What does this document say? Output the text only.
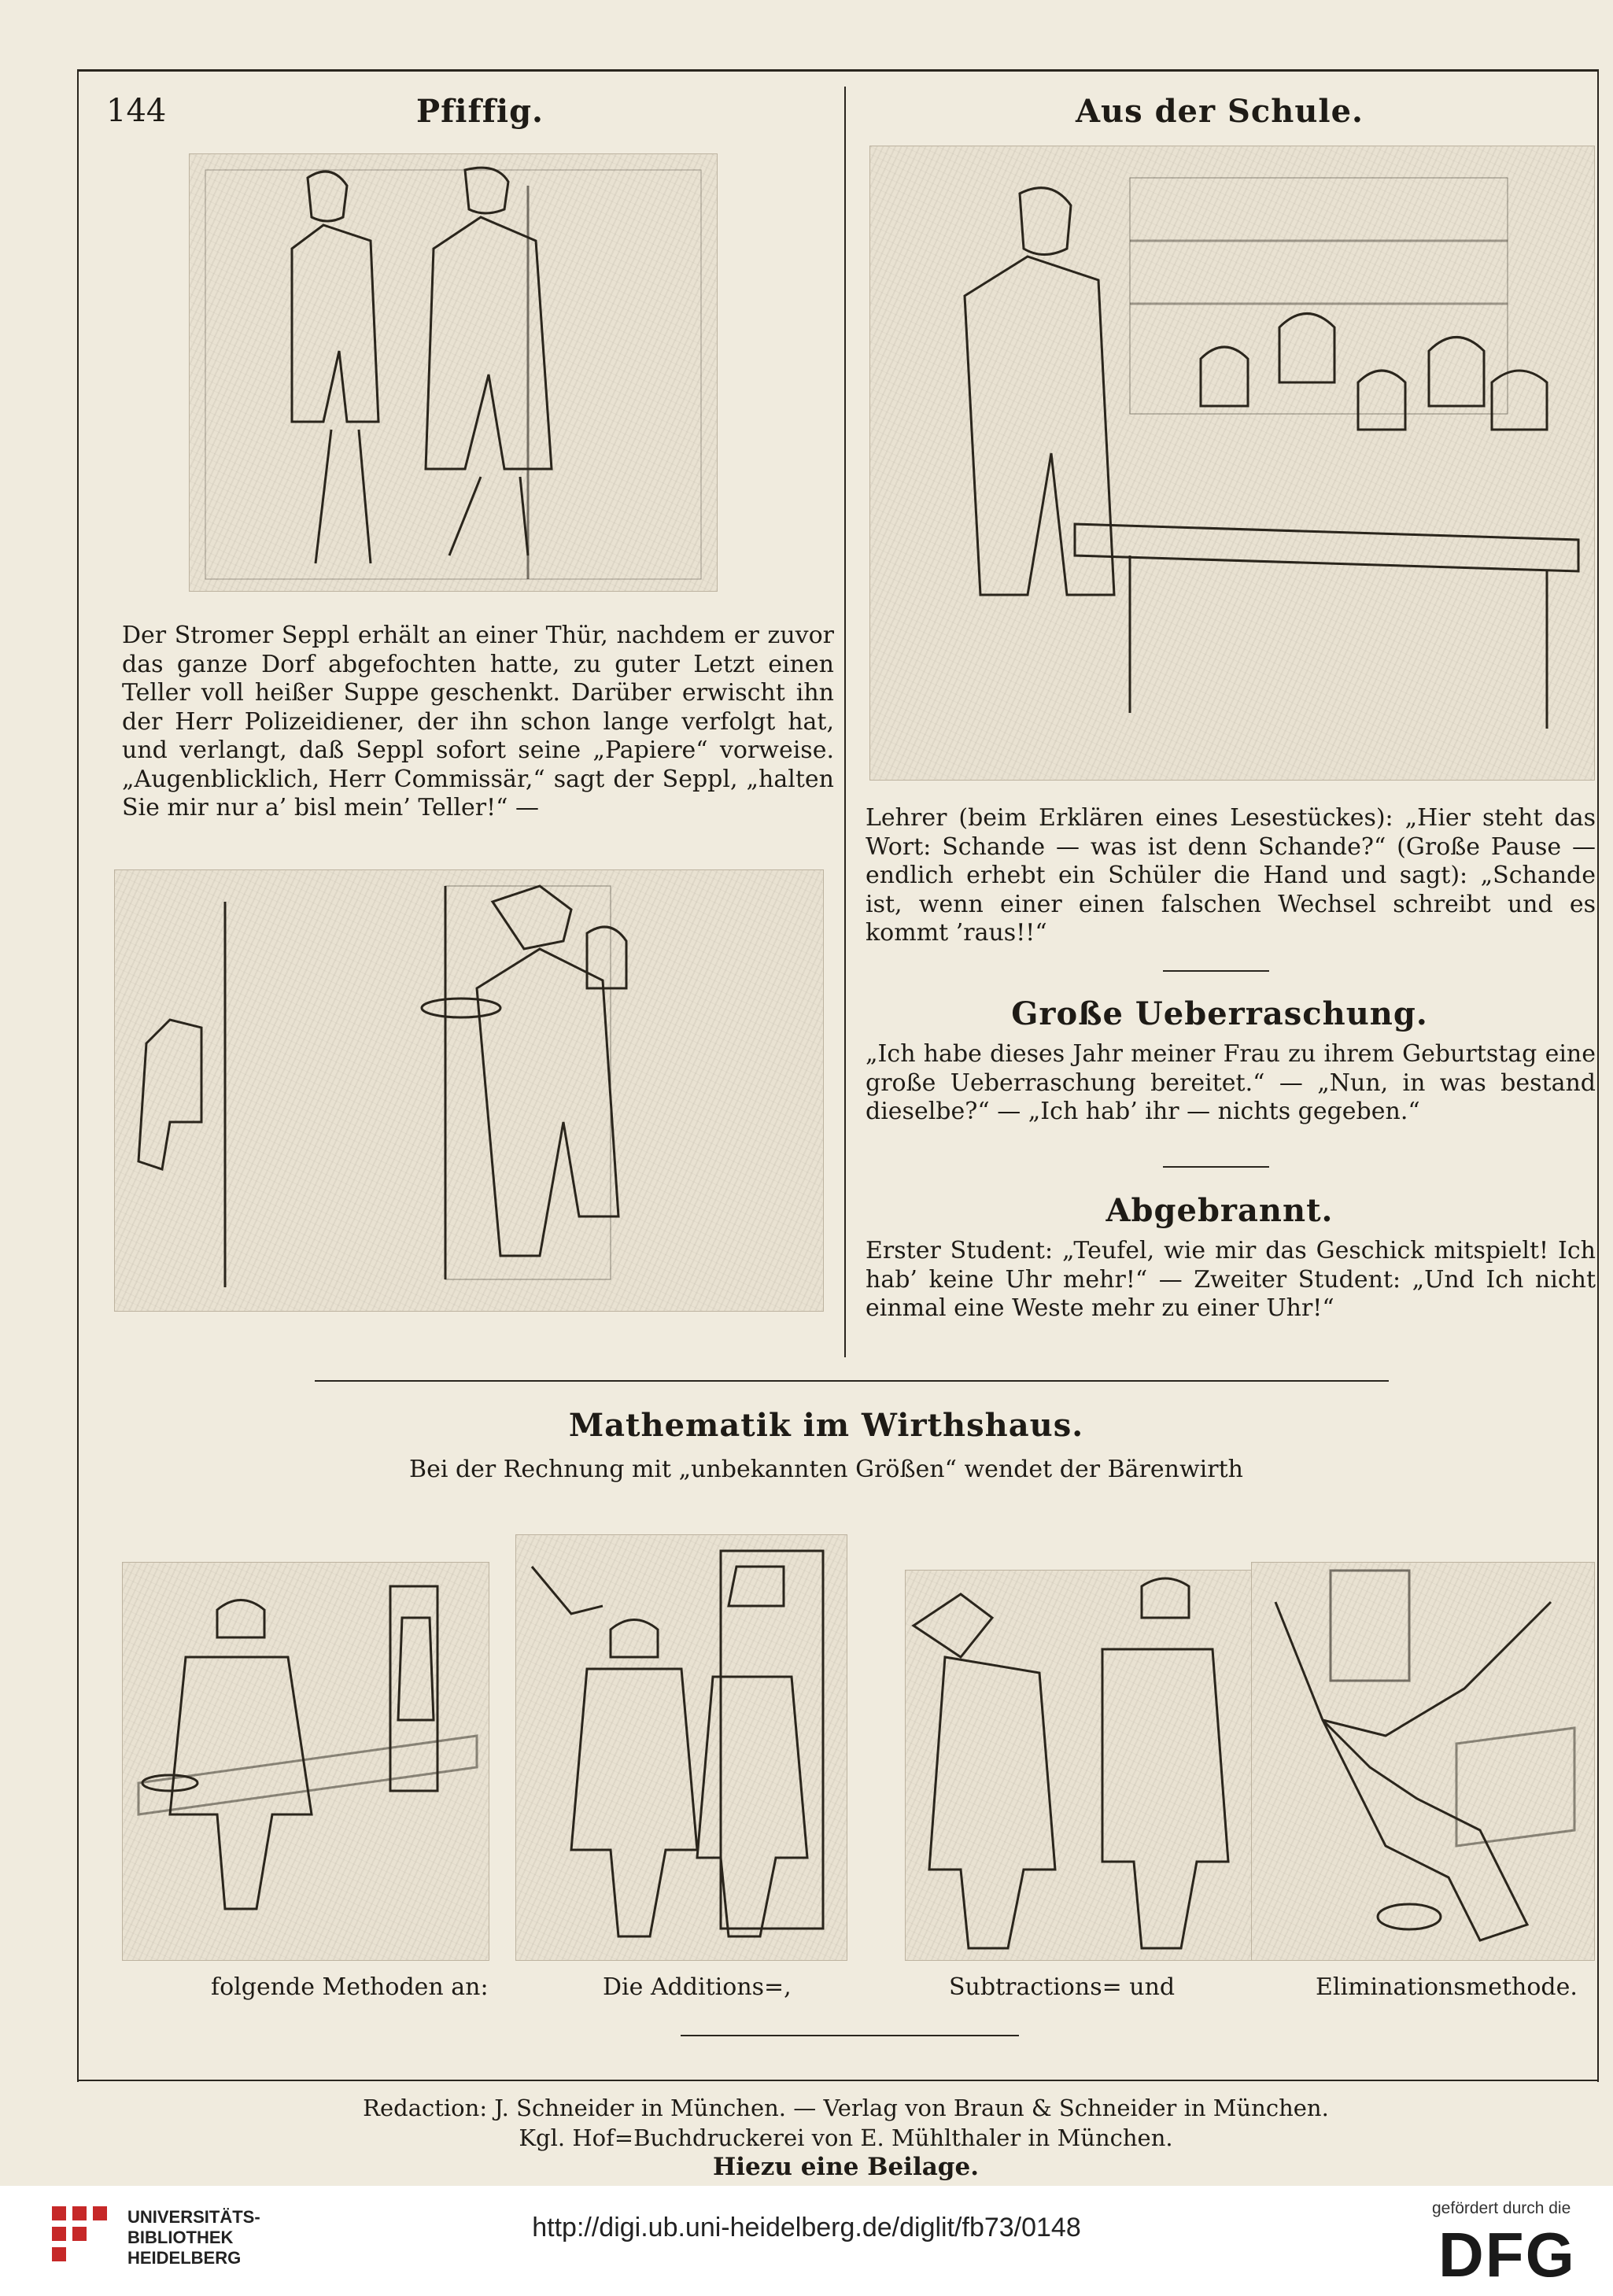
144	Pfiffig.

Der Stromer Seppl erhält an einer Thür, nachdem er zuvor das ganze Dorf abgefochten hatte, zu guter Letzt einen Teller voll heißer Suppe geschenkt. Darüber erwischt ihn der Herr Polizeidiener, der ihn schon lange verfolgt hat, und verlangt, daß Seppl sofort seine „Papiere“ vorweise. „Augenblicklich, Herr Commissär,“ sagt der Seppl, „halten Sie mir nur a’ bisl mein’ Teller!“ —

Aus der Schule.

Lehrer (beim Erklären eines Lesestückes): „Hier steht das Wort: Schande — was ist denn Schande?“ (Große Pause — endlich erhebt ein Schüler die Hand und sagt): „Schande ist, wenn einer einen falschen Wechsel schreibt und es kommt ’raus!!“

Große Ueberraschung.

„Ich habe dieses Jahr meiner Frau zu ihrem Geburtstag eine große Ueberraschung bereitet.“ — „Nun, in was bestand dieselbe?“ — „Ich hab’ ihr — nichts gegeben.“

Abgebrannt.

Erster Student: „Teufel, wie mir das Geschick mitspielt! Ich hab’ keine Uhr mehr!“ — Zweiter Student: „Und Ich nicht einmal eine Weste mehr zu einer Uhr!“

Mathematik im Wirthshaus.
Bei der Rechnung mit „unbekannten Größen“ wendet der Bärenwirth
folgende Methoden an:	Die Additions=,	Subtractions= und	Eliminationsmethode.
Redaction: J. Schneider in München. — Verlag von Braun & Schneider in München.
Kgl. Hof=Buchdruckerei von E. Mühlthaler in München.
Hiezu eine Beilage.
UNIVERSITÄTS-
BIBLIOTHEK
HEIDELBERG
http://digi.ub.uni-heidelberg.de/diglit/fb73/0148
gefördert durch die
DFG
